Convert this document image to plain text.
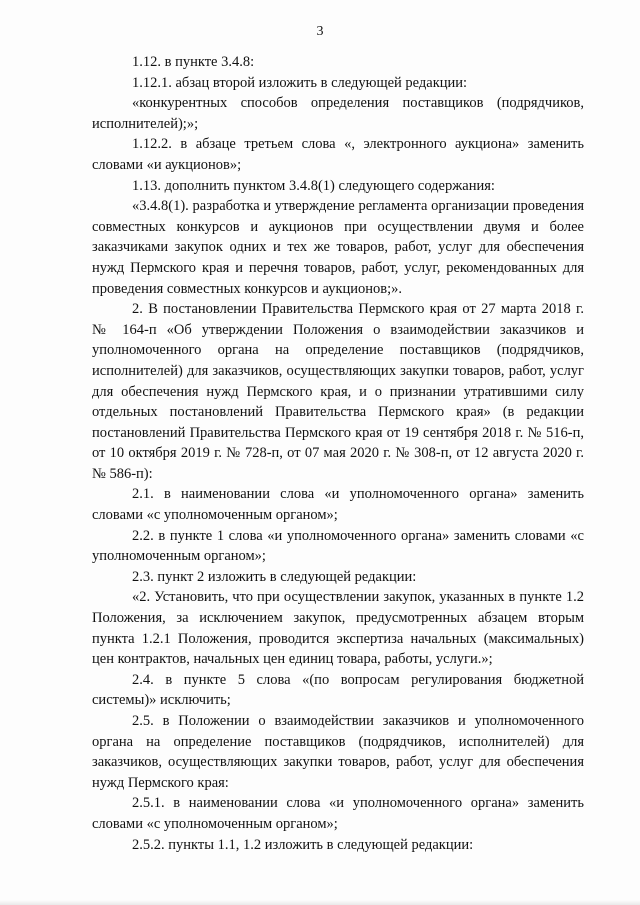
3

1.12. в пункте 3.4.8:

1.12.1. абзац второй изложить в следующей редакции:

«конкурентных способов определения поставщиков (подрядчиков, исполнителей);»;

1.12.2. в абзаце третьем слова «, электронного аукциона» заменить словами «и аукционов»;

1.13. дополнить пунктом 3.4.8(1) следующего содержания:

«3.4.8(1). разработка и утверждение регламента организации проведения совместных конкурсов и аукционов при осуществлении двумя и более заказчиками закупок одних и тех же товаров, работ, услуг для обеспечения нужд Пермского края и перечня товаров, работ, услуг, рекомендованных для проведения совместных конкурсов и аукционов;».

2. В постановлении Правительства Пермского края от 27 марта 2018 г. № 164-п «Об утверждении Положения о взаимодействии заказчиков и уполномоченного органа на определение поставщиков (подрядчиков, исполнителей) для заказчиков, осуществляющих закупки товаров, работ, услуг для обеспечения нужд Пермского края, и о признании утратившими силу отдельных постановлений Правительства Пермского края» (в редакции постановлений Правительства Пермского края от 19 сентября 2018 г. № 516-п, от 10 октября 2019 г. № 728-п, от 07 мая 2020 г. № 308-п, от 12 августа 2020 г. № 586-п):

2.1. в наименовании слова «и уполномоченного органа» заменить словами «с уполномоченным органом»;

2.2. в пункте 1 слова «и уполномоченного органа» заменить словами «с уполномоченным органом»;

2.3. пункт 2 изложить в следующей редакции:

«2. Установить, что при осуществлении закупок, указанных в пункте 1.2 Положения, за исключением закупок, предусмотренных абзацем вторым пункта 1.2.1 Положения, проводится экспертиза начальных (максимальных) цен контрактов, начальных цен единиц товара, работы, услуги.»;

2.4. в пункте 5 слова «(по вопросам регулирования бюджетной системы)» исключить;

2.5. в Положении о взаимодействии заказчиков и уполномоченного органа на определение поставщиков (подрядчиков, исполнителей) для заказчиков, осуществляющих закупки товаров, работ, услуг для обеспечения нужд Пермского края:

2.5.1. в наименовании слова «и уполномоченного органа» заменить словами «с уполномоченным органом»;

2.5.2. пункты 1.1, 1.2 изложить в следующей редакции:
